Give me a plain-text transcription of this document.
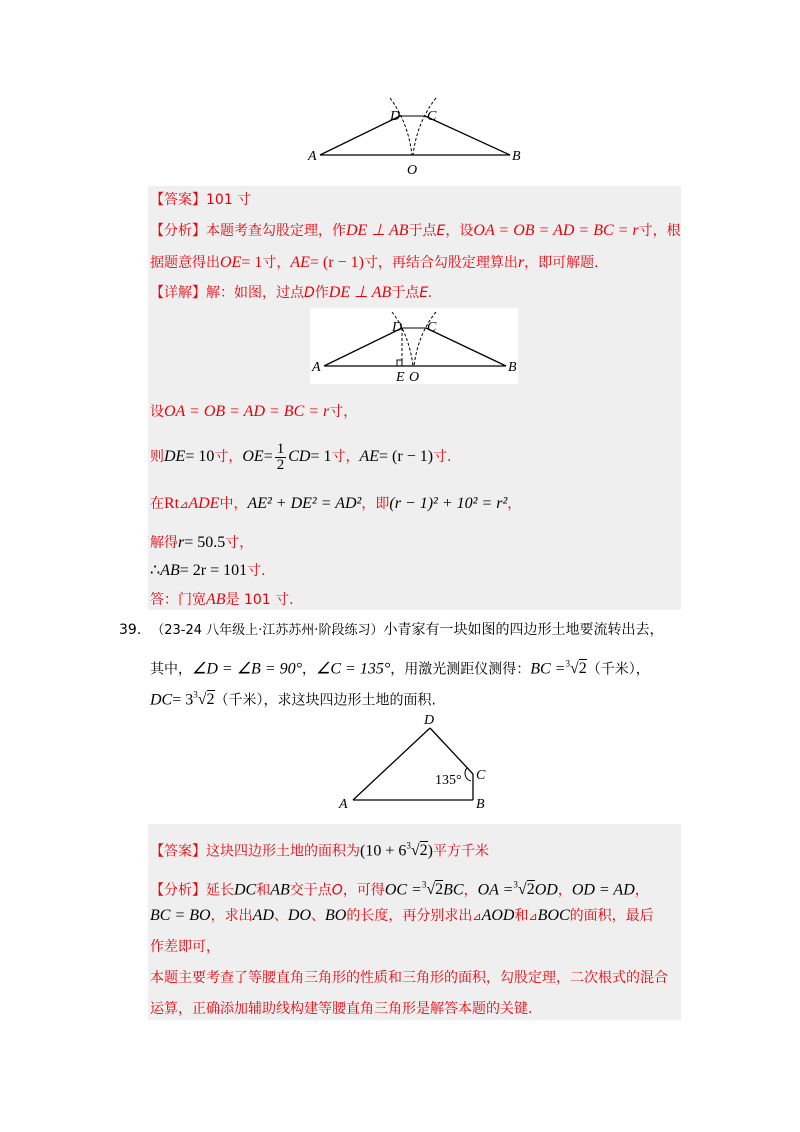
A	B
D C
O
【答案】101 寸
【分析】本题考查勾股定理，作DE ⊥ AB于点E，设OA = OB = AD = BC = r寸，根
据题意得出OE= 1寸，AE= (r − 1)寸，再结合勾股定理算出r，即可解题.
【详解】解：如图，过点D作DE ⊥ AB于点E.
A	B
D C
E O
设OA = OB = AD = BC = r寸，
则DE= 10寸，$OE= \frac{1}{2} CD= 1$寸，AE= (r − 1)寸.
在Rt⊿ADE中，AE² + DE² = AD²，即(r − 1)² + 10² = r²，
解得r= 50.5寸，
∴AB= 2r = 101寸.
答：门宽AB是 101 寸.
39. （23-24 八年级上·江苏苏州·阶段练习）小青家有一块如图的四边形土地要流转出去，
其中，∠D = ∠B = 90°，∠C = 135°，用激光测距仪测得：BC =$^3$√2（千米），
$DC= 3^3√2$（千米），求这块四边形土地的面积.
D
C
B
A
135°
【答案】这块四边形土地的面积为$(10 + 6^3√2)$平方千米
【分析】延长DC和AB交于点O，可得OC =$^3$√2BC，OA =$^3$√2OD，OD = AD，
BC = BO，求出AD、DO、BO的长度，再分别求出⊿AOD和⊿BOC的面积，最后
作差即可，
本题主要考查了等腰直角三角形的性质和三角形的面积，勾股定理，二次根式的混合
运算，正确添加辅助线构建等腰直角三角形是解答本题的关键.
